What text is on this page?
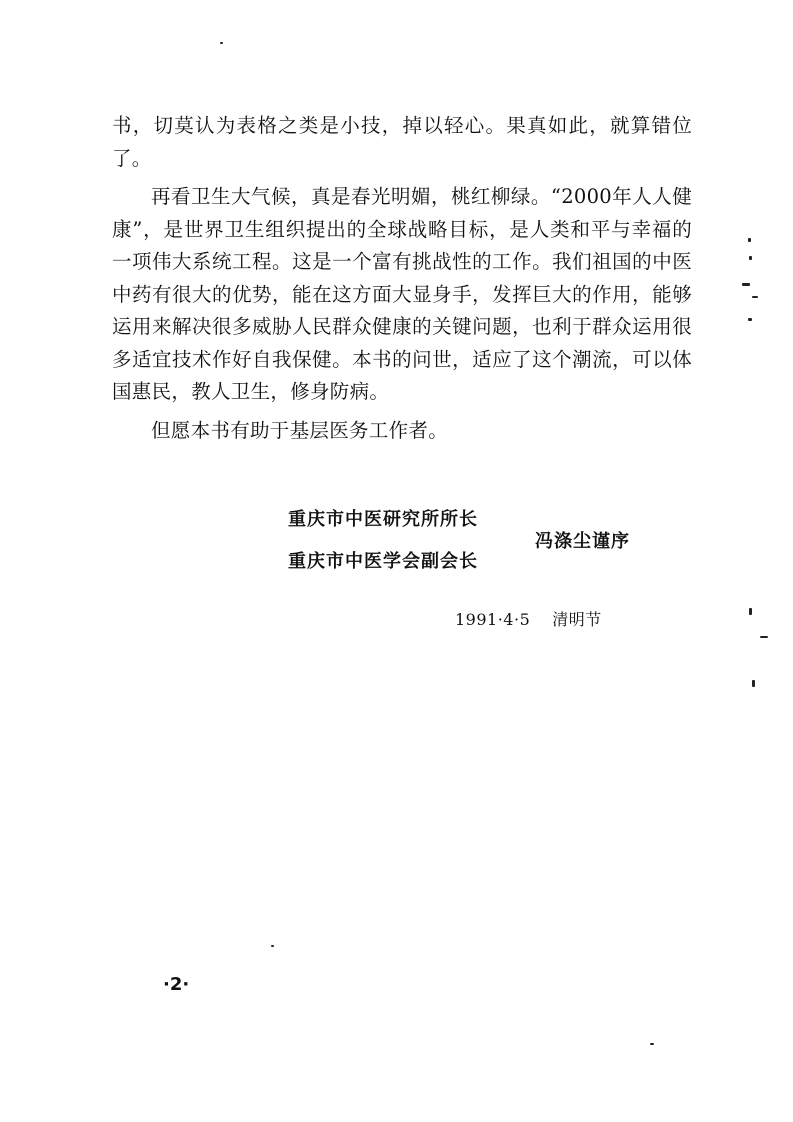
书，切莫认为表格之类是小技，掉以轻心。果真如此，就算错位了。

再看卫生大气候，真是春光明媚，桃红柳绿。“2000年人人健康”，是世界卫生组织提出的全球战略目标，是人类和平与幸福的一项伟大系统工程。这是一个富有挑战性的工作。我们祖国的中医中药有很大的优势，能在这方面大显身手，发挥巨大的作用，能够运用来解决很多威胁人民群众健康的关键问题，也利于群众运用很多适宜技术作好自我保健。本书的问世，适应了这个潮流，可以体国惠民，教人卫生，修身防病。

但愿本书有助于基层医务工作者。

重庆市中医研究所所长
重庆市中医学会副会长
冯涤尘谨序
1991·4·5 清明节
·2·
